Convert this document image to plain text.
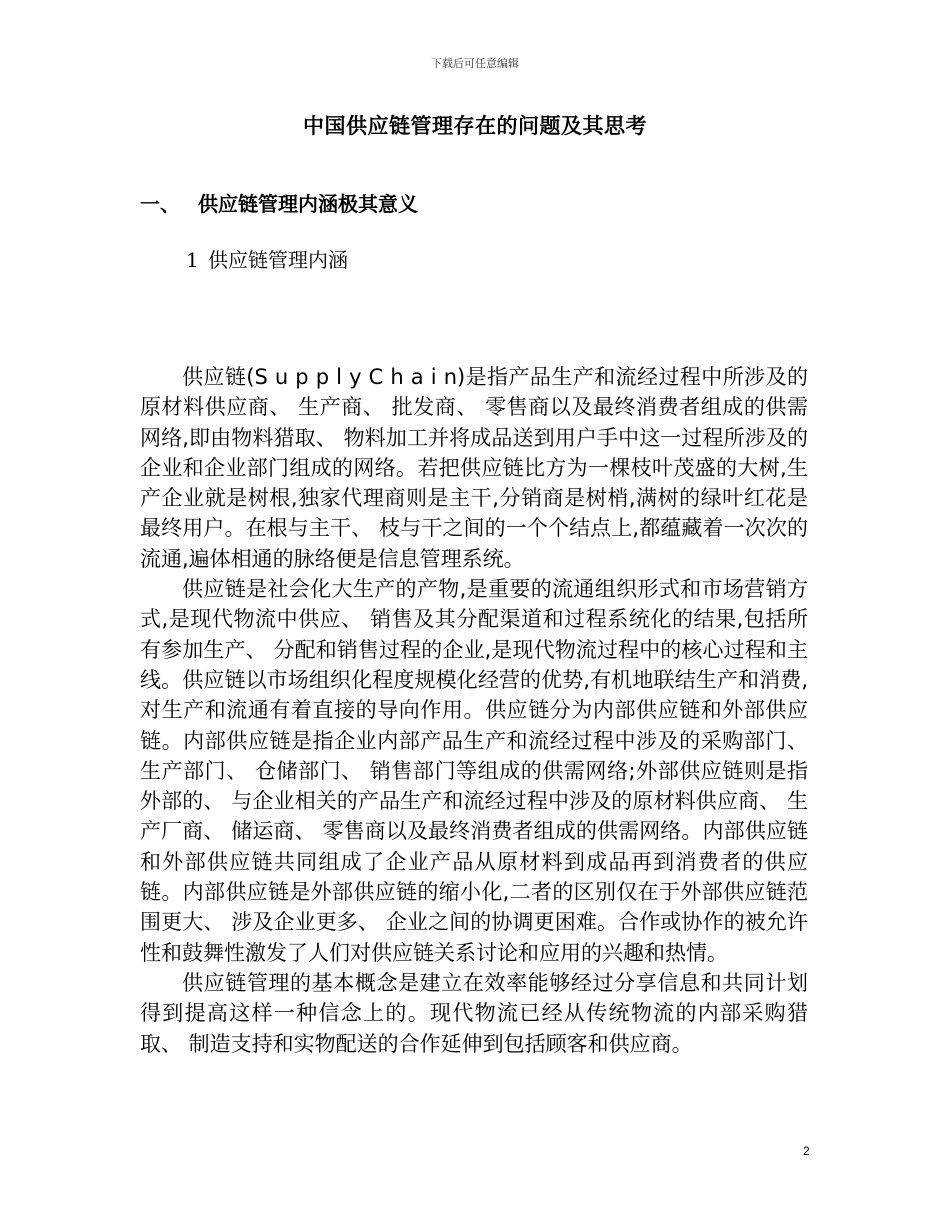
下载后可任意编辑
中国供应链管理存在的问题及其思考
一、 供应链管理内涵极其意义
1 供应链管理内涵

供应链(S u p p l y C h a i n)是指产品生产和流经过程中所涉及的原材料供应商、 生产商、 批发商、 零售商以及最终消费者组成的供需网络,即由物料猎取、 物料加工并将成品送到用户手中这一过程所涉及的企业和企业部门组成的网络。若把供应链比方为一棵枝叶茂盛的大树,生产企业就是树根,独家代理商则是主干,分销商是树梢,满树的绿叶红花是最终用户。在根与主干、 枝与干之间的一个个结点上,都蕴藏着一次次的流通,遍体相通的脉络便是信息管理系统。

供应链是社会化大生产的产物,是重要的流通组织形式和市场营销方式,是现代物流中供应、 销售及其分配渠道和过程系统化的结果,包括所有参加生产、 分配和销售过程的企业,是现代物流过程中的核心过程和主线。供应链以市场组织化程度规模化经营的优势,有机地联结生产和消费,对生产和流通有着直接的导向作用。供应链分为内部供应链和外部供应链。内部供应链是指企业内部产品生产和流经过程中涉及的采购部门、 生产部门、 仓储部门、 销售部门等组成的供需网络;外部供应链则是指外部的、 与企业相关的产品生产和流经过程中涉及的原材料供应商、 生产厂商、 储运商、 零售商以及最终消费者组成的供需网络。内部供应链和外部供应链共同组成了企业产品从原材料到成品再到消费者的供应链。内部供应链是外部供应链的缩小化,二者的区别仅在于外部供应链范围更大、 涉及企业更多、 企业之间的协调更困难。合作或协作的被允许性和鼓舞性激发了人们对供应链关系讨论和应用的兴趣和热情。

供应链管理的基本概念是建立在效率能够经过分享信息和共同计划得到提高这样一种信念上的。现代物流已经从传统物流的内部采购猎取、 制造支持和实物配送的合作延伸到包括顾客和供应商。

2
